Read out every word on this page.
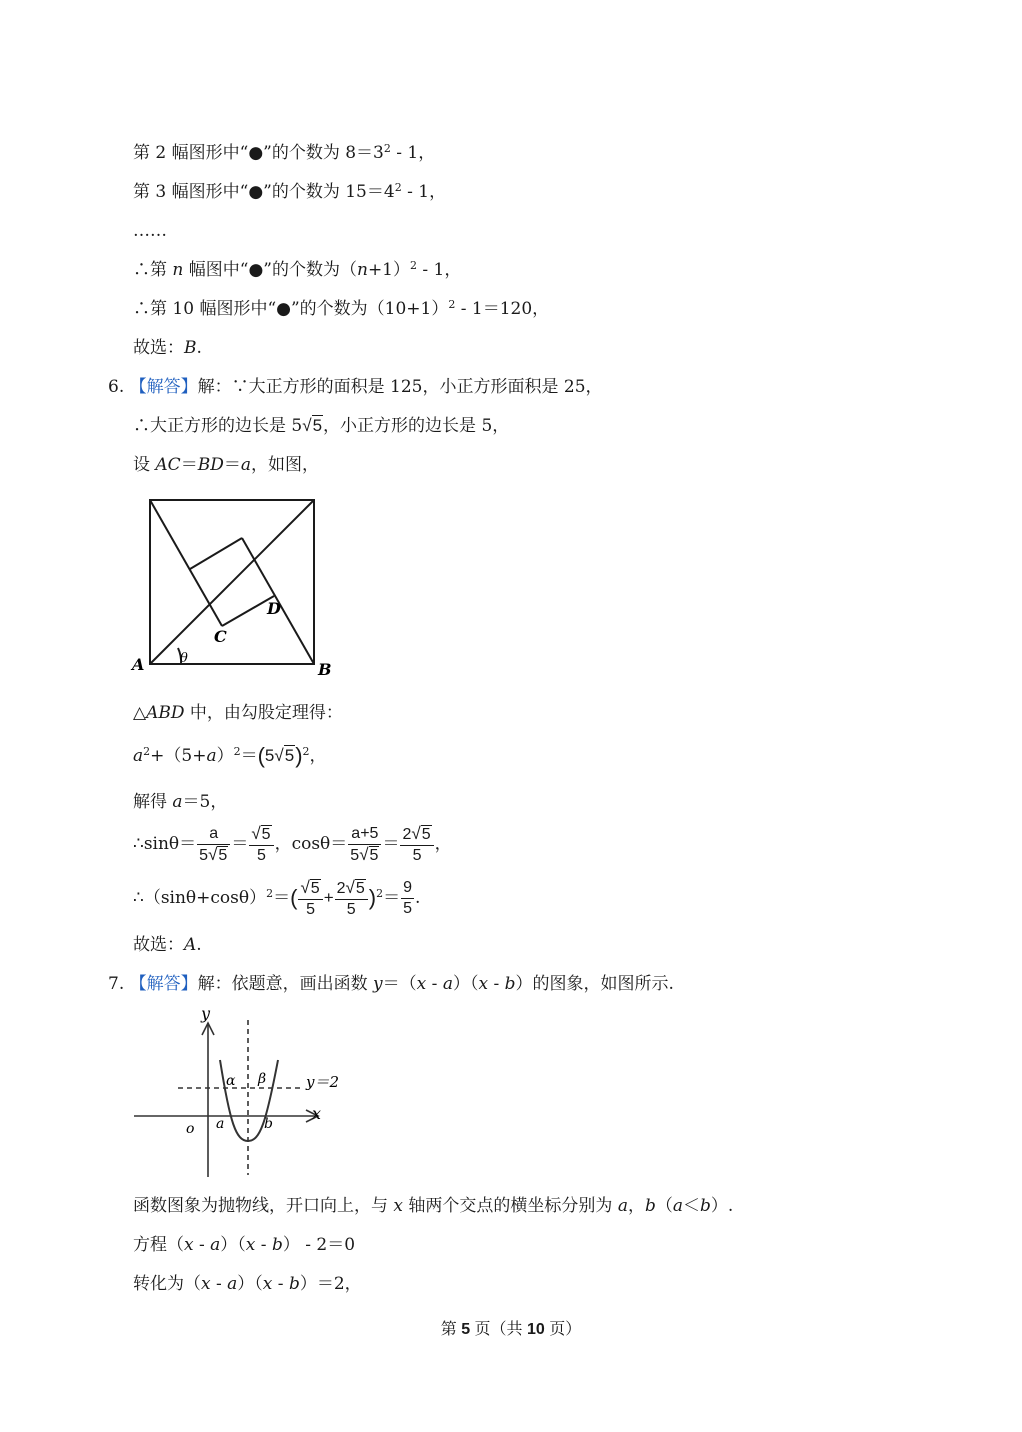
第 2 幅图形中“●”的个数为 $8=3^2 - 1$，
第 3 幅图形中“●”的个数为 $15=4^2 - 1$，
……
∴第 n 幅图中“●”的个数为$(n+1)^2 - 1$，
∴第 10 幅图形中“●”的个数为$(10+1)^2 - 1=120$，
故选：B.
6. 【解答】解：∵大正方形的面积是 125，小正方形面积是 25，
∴大正方形的边长是 5√5，小正方形的边长是 5，
设 AC＝BD＝a，如图，
A	B
C
D
θ
△ABD 中，由勾股定理得：
$a^2+(5+a)^2=(5√5)^2$，
解得 a＝5，
∴sinθ＝ $\frac{a}{5√5} = \frac{√5}{5}$ ，$\cos\theta= \frac{a+5}{5√5} = \frac{2√5}{5}$ ，
$\therefore(\sin\theta+\cos\theta)^2=( \frac{√5}{5} + \frac{2√5}{5} )^2= \frac{9}{5}$ .
故选：A.
7. 【解答】解：依题意，画出函数 y＝（x - a）（x - b）的图象，如图所示.
y
x
o a	b
α β	y＝2
函数图象为抛物线，开口向上，与 x 轴两个交点的横坐标分别为 a，b（a＜b）.
方程（x - a）（x - b） - 2＝0
转化为（x - a）（x - b）＝2，
第 5 页（共 10 页）
